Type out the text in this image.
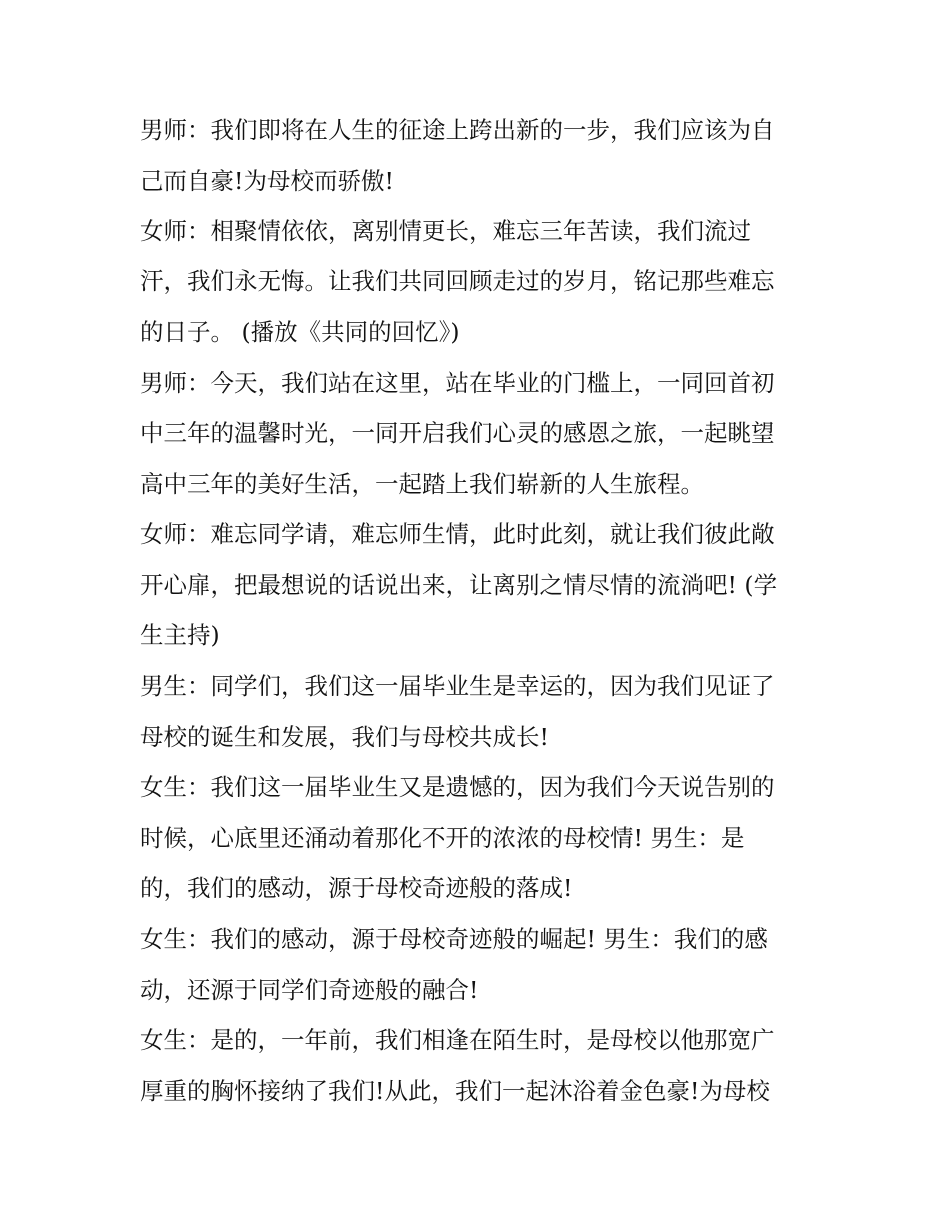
男师：我们即将在人生的征途上跨出新的一步，我们应该为自
己而自豪!为母校而骄傲!
女师：相聚情依依，离别情更长，难忘三年苦读，我们流过
汗，我们永无悔。让我们共同回顾走过的岁月，铭记那些难忘
的日子。 (播放《共同的回忆》)
男师：今天，我们站在这里，站在毕业的门槛上，一同回首初
中三年的温馨时光，一同开启我们心灵的感恩之旅，一起眺望
高中三年的美好生活，一起踏上我们崭新的人生旅程。
女师：难忘同学请，难忘师生情，此时此刻，就让我们彼此敞
开心扉，把最想说的话说出来，让离别之情尽情的流淌吧! (学
生主持)
男生：同学们，我们这一届毕业生是幸运的，因为我们见证了
母校的诞生和发展，我们与母校共成长!
女生：我们这一届毕业生又是遗憾的，因为我们今天说告别的
时候，心底里还涌动着那化不开的浓浓的母校情! 男生：是
的，我们的感动，源于母校奇迹般的落成!
女生：我们的感动，源于母校奇迹般的崛起! 男生：我们的感
动，还源于同学们奇迹般的融合!
女生：是的，一年前，我们相逢在陌生时，是母校以他那宽广
厚重的胸怀接纳了我们!从此，我们一起沐浴着金色豪!为母校
